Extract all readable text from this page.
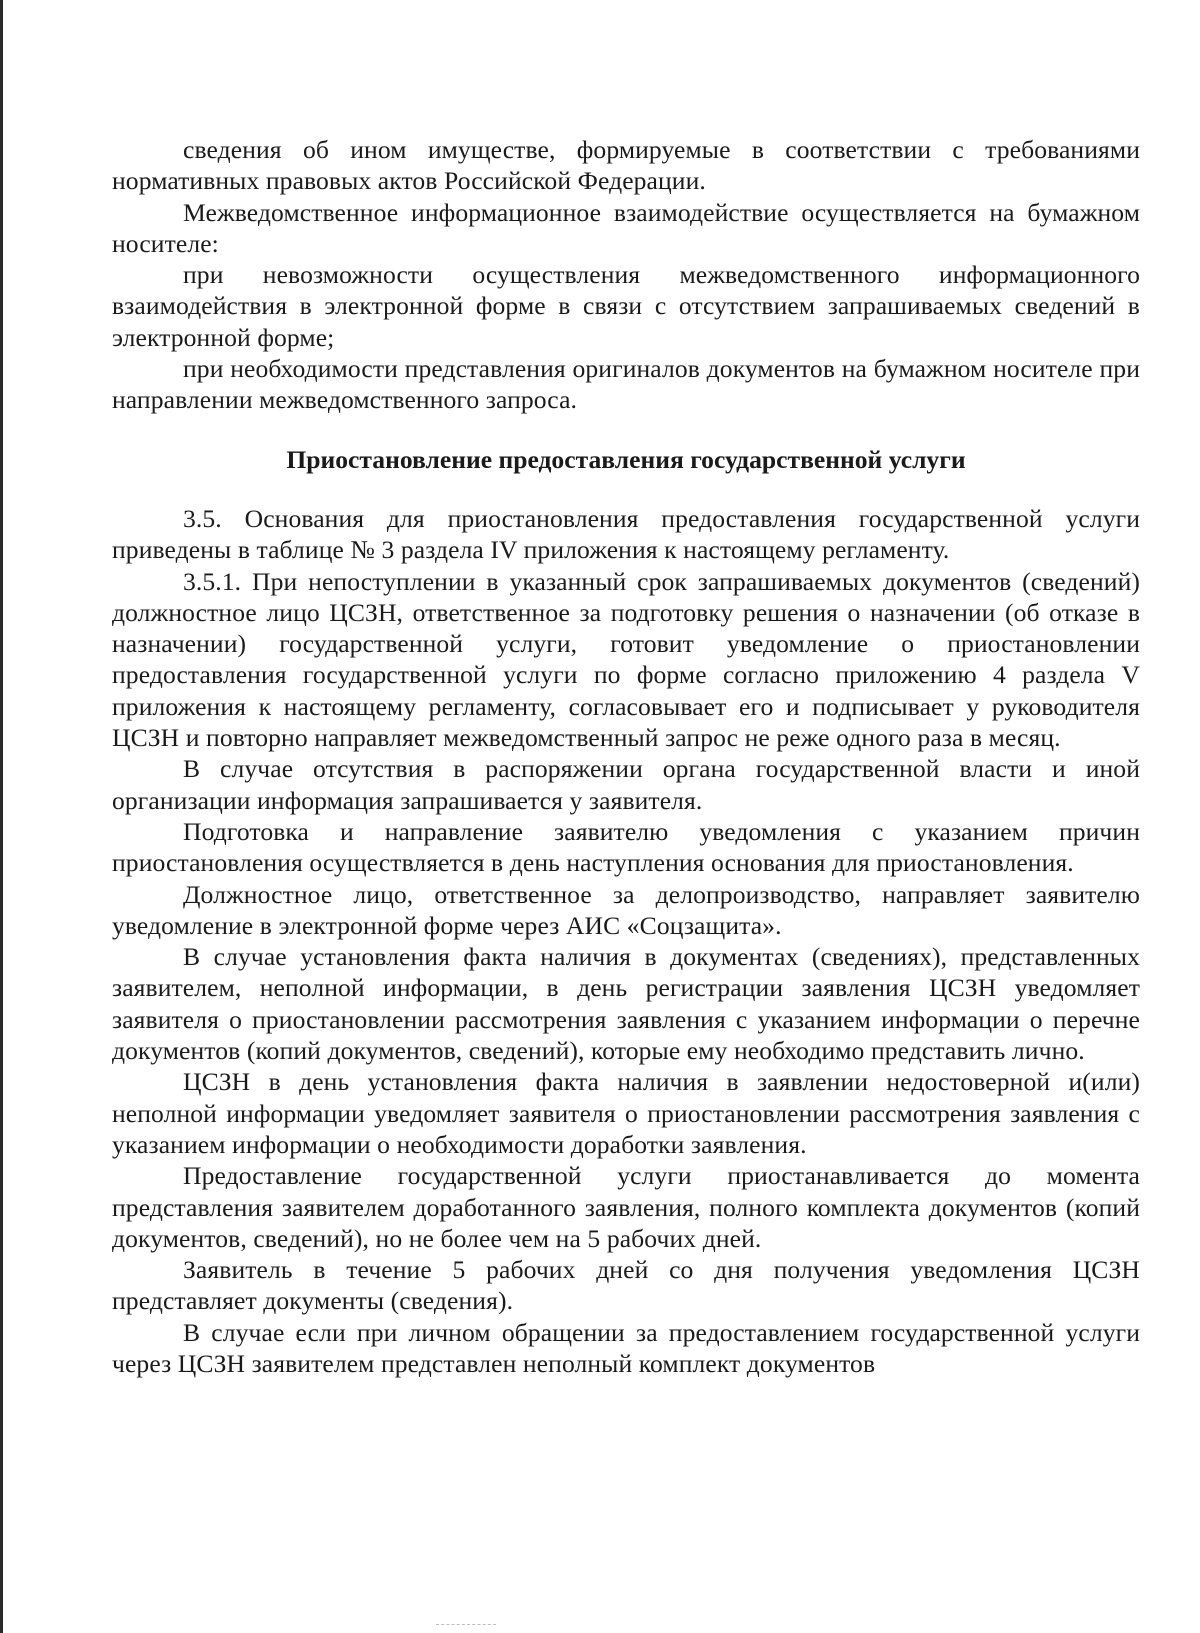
сведения об ином имуществе, формируемые в соответствии с требованиями нормативных правовых актов Российской Федерации.

Межведомственное информационное взаимодействие осуществляется на бумажном носителе:

при невозможности осуществления межведомственного информационного взаимодействия в электронной форме в связи с отсутствием запрашиваемых сведений в электронной форме;

при необходимости представления оригиналов документов на бумажном носителе при направлении межведомственного запроса.

Приостановление предоставления государственной услуги

3.5. Основания для приостановления предоставления государственной услуги приведены в таблице № 3 раздела IV приложения к настоящему регламенту.

3.5.1. При непоступлении в указанный срок запрашиваемых документов (сведений) должностное лицо ЦСЗН, ответственное за подготовку решения о назначении (об отказе в назначении) государственной услуги, готовит уведомление о приостановлении предоставления государственной услуги по форме согласно приложению 4 раздела V приложения к настоящему регламенту, согласовывает его и подписывает у руководителя ЦСЗН и повторно направляет межведомственный запрос не реже одного раза в месяц.

В случае отсутствия в распоряжении органа государственной власти и иной организации информация запрашивается у заявителя.

Подготовка и направление заявителю уведомления с указанием причин приостановления осуществляется в день наступления основания для приостановления.

Должностное лицо, ответственное за делопроизводство, направляет заявителю уведомление в электронной форме через АИС «Соцзащита».

В случае установления факта наличия в документах (сведениях), представленных заявителем, неполной информации, в день регистрации заявления ЦСЗН уведомляет заявителя о приостановлении рассмотрения заявления с указанием информации о перечне документов (копий документов, сведений), которые ему необходимо представить лично.

ЦСЗН в день установления факта наличия в заявлении недостоверной и(или) неполной информации уведомляет заявителя о приостановлении рассмотрения заявления с указанием информации о необходимости доработки заявления.

Предоставление государственной услуги приостанавливается до момента представления заявителем доработанного заявления, полного комплекта документов (копий документов, сведений), но не более чем на 5 рабочих дней.

Заявитель в течение 5 рабочих дней со дня получения уведомления ЦСЗН представляет документы (сведения).

В случае если при личном обращении за предоставлением государственной услуги через ЦСЗН заявителем представлен неполный комплект документов
